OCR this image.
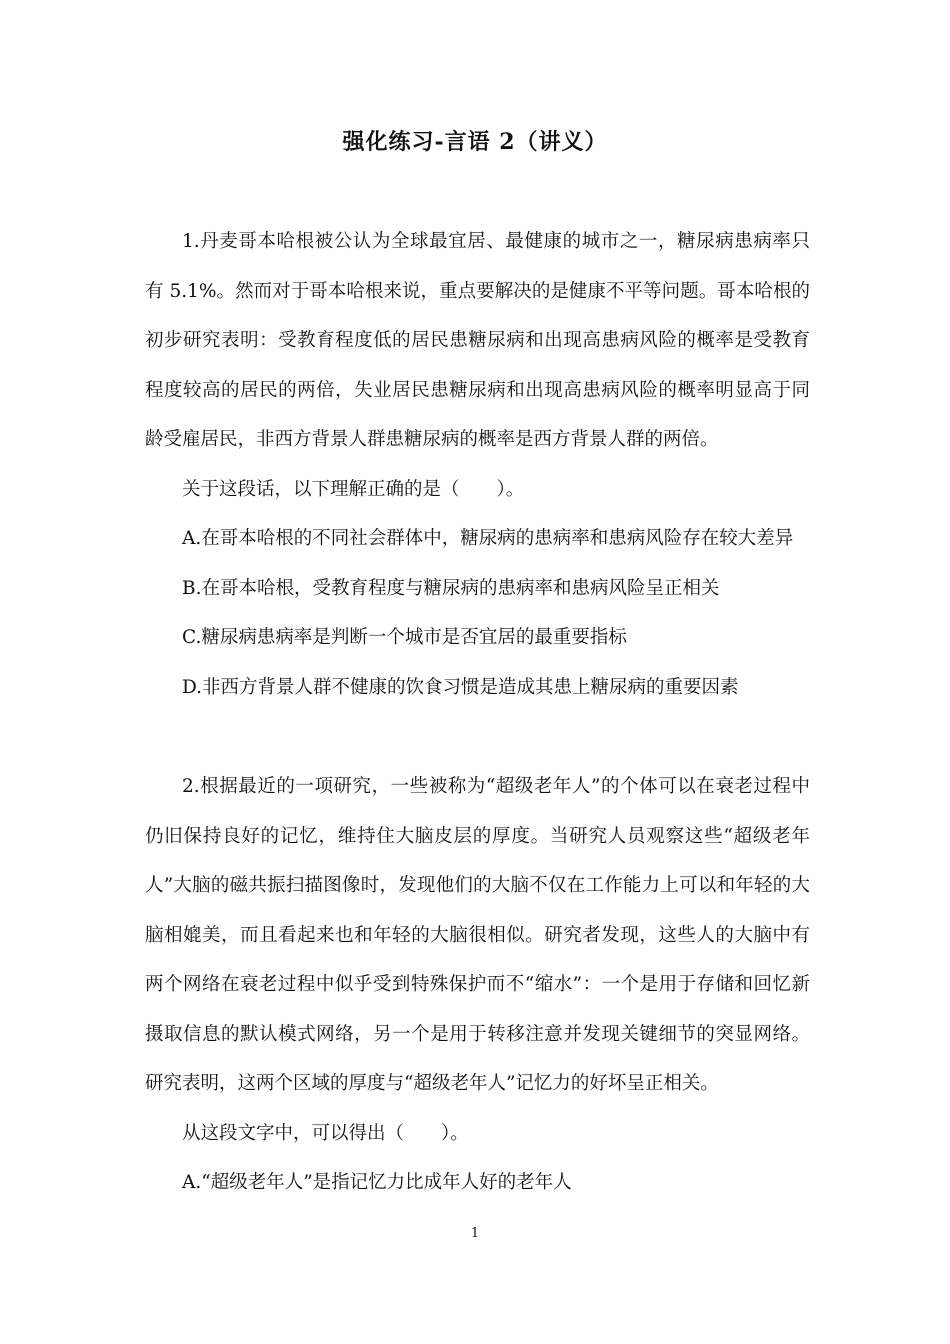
强化练习-言语 2（讲义）

1.丹麦哥本哈根被公认为全球最宜居、最健康的城市之一，糖尿病患病率只有 5.1%。然而对于哥本哈根来说，重点要解决的是健康不平等问题。哥本哈根的初步研究表明：受教育程度低的居民患糖尿病和出现高患病风险的概率是受教育程度较高的居民的两倍，失业居民患糖尿病和出现高患病风险的概率明显高于同龄受雇居民，非西方背景人群患糖尿病的概率是西方背景人群的两倍。

关于这段话，以下理解正确的是（　　）。

A.在哥本哈根的不同社会群体中，糖尿病的患病率和患病风险存在较大差异

B.在哥本哈根，受教育程度与糖尿病的患病率和患病风险呈正相关

C.糖尿病患病率是判断一个城市是否宜居的最重要指标

D.非西方背景人群不健康的饮食习惯是造成其患上糖尿病的重要因素

2.根据最近的一项研究，一些被称为“超级老年人”的个体可以在衰老过程中仍旧保持良好的记忆，维持住大脑皮层的厚度。当研究人员观察这些“超级老年人”大脑的磁共振扫描图像时，发现他们的大脑不仅在工作能力上可以和年轻的大脑相媲美，而且看起来也和年轻的大脑很相似。研究者发现，这些人的大脑中有两个网络在衰老过程中似乎受到特殊保护而不“缩水”：一个是用于存储和回忆新摄取信息的默认模式网络，另一个是用于转移注意并发现关键细节的突显网络。研究表明，这两个区域的厚度与“超级老年人”记忆力的好坏呈正相关。

从这段文字中，可以得出（　　）。

A.“超级老年人”是指记忆力比成年人好的老年人

1
